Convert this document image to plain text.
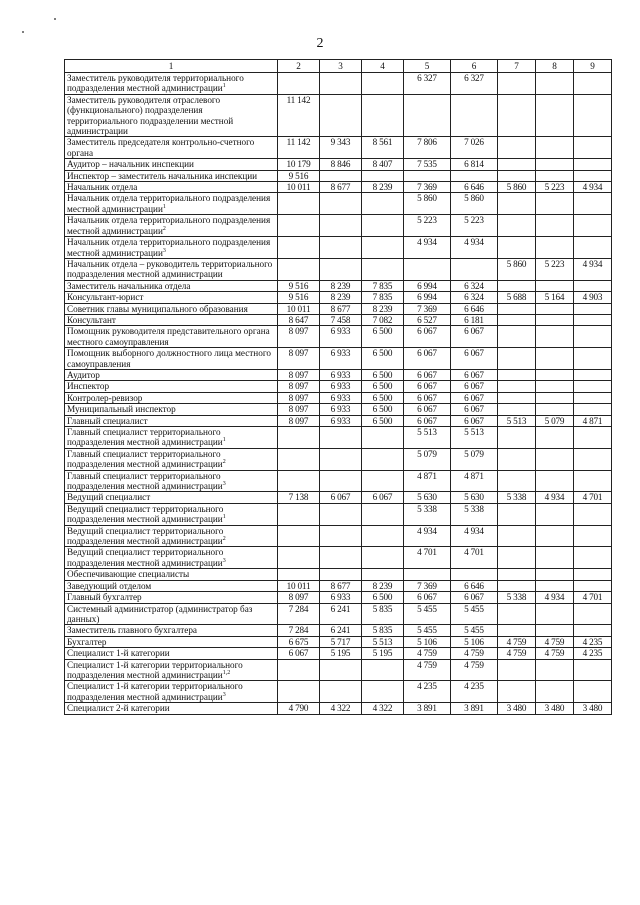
2
1	2	3	4	5	6	7	8	9
Заместитель руководителя территориального подразделения местной администрации$^1$				6 327	6 327			
Заместитель руководителя отраслевого (функционального) подразделения территориального подразделении местной администрации	11 142							
Заместитель председателя контрольно-счетного органа	11 142	9 343	8 561	7 806	7 026			
Аудитор – начальник инспекции	10 179	8 846	8 407	7 535	6 814			
Инспектор – заместитель начальника инспекции	9 516							
Начальник отдела	10 011	8 677	8 239	7 369	6 646	5 860	5 223	4 934
Начальник отдела территориального подразделения местной администрации$^1$				5 860	5 860			
Начальник отдела территориального подразделения местной администрации$^2$				5 223	5 223			
Начальник отдела территориального подразделения местной администрации$^3$				4 934	4 934			
Начальник отдела – руководитель территориального подразделения местной администрации						5 860	5 223	4 934
Заместитель начальника отдела	9 516	8 239	7 835	6 994	6 324			
Консультант-юрист	9 516	8 239	7 835	6 994	6 324	5 688	5 164	4 903
Советник главы муниципального образования	10 011	8 677	8 239	7 369	6 646			
Консультант	8 647	7 458	7 082	6 527	6 181			
Помощник руководителя представительного органа местного самоуправления	8 097	6 933	6 500	6 067	6 067			
Помощник выборного должностного лица местного самоуправления	8 097	6 933	6 500	6 067	6 067			
Аудитор	8 097	6 933	6 500	6 067	6 067			
Инспектор	8 097	6 933	6 500	6 067	6 067			
Контролер-ревизор	8 097	6 933	6 500	6 067	6 067			
Муниципальный инспектор	8 097	6 933	6 500	6 067	6 067			
Главный специалист	8 097	6 933	6 500	6 067	6 067	5 513	5 079	4 871
Главный специалист территориального подразделения местной администрации$^1$				5 513	5 513			
Главный специалист территориального подразделения местной администрации$^2$				5 079	5 079			
Главный специалист территориального подразделения местной администрации$^3$				4 871	4 871			
Ведущий специалист	7 138	6 067	6 067	5 630	5 630	5 338	4 934	4 701
Ведущий специалист территориального подразделения местной администрации$^1$				5 338	5 338			
Ведущий специалист территориального подразделения местной администрации$^2$				4 934	4 934			
Ведущий специалист территориального подразделения местной администрации$^3$				4 701	4 701			
Обеспечивающие специалисты								
Заведующий отделом	10 011	8 677	8 239	7 369	6 646			
Главный бухгалтер	8 097	6 933	6 500	6 067	6 067	5 338	4 934	4 701
Системный администратор (администратор баз данных)	7 284	6 241	5 835	5 455	5 455			
Заместитель главного бухгалтера	7 284	6 241	5 835	5 455	5 455			
Бухгалтер	6 675	5 717	5 513	5 106	5 106	4 759	4 759	4 235
Специалист 1-й категории	6 067	5 195	5 195	4 759	4 759	4 759	4 759	4 235
Специалист 1-й категории территориального подразделения местной администрации$^{1,2}$				4 759	4 759			
Специалист 1-й категории территориального подразделения местной администрации$^3$				4 235	4 235			
Специалист 2-й категории	4 790	4 322	4 322	3 891	3 891	3 480	3 480	3 480
